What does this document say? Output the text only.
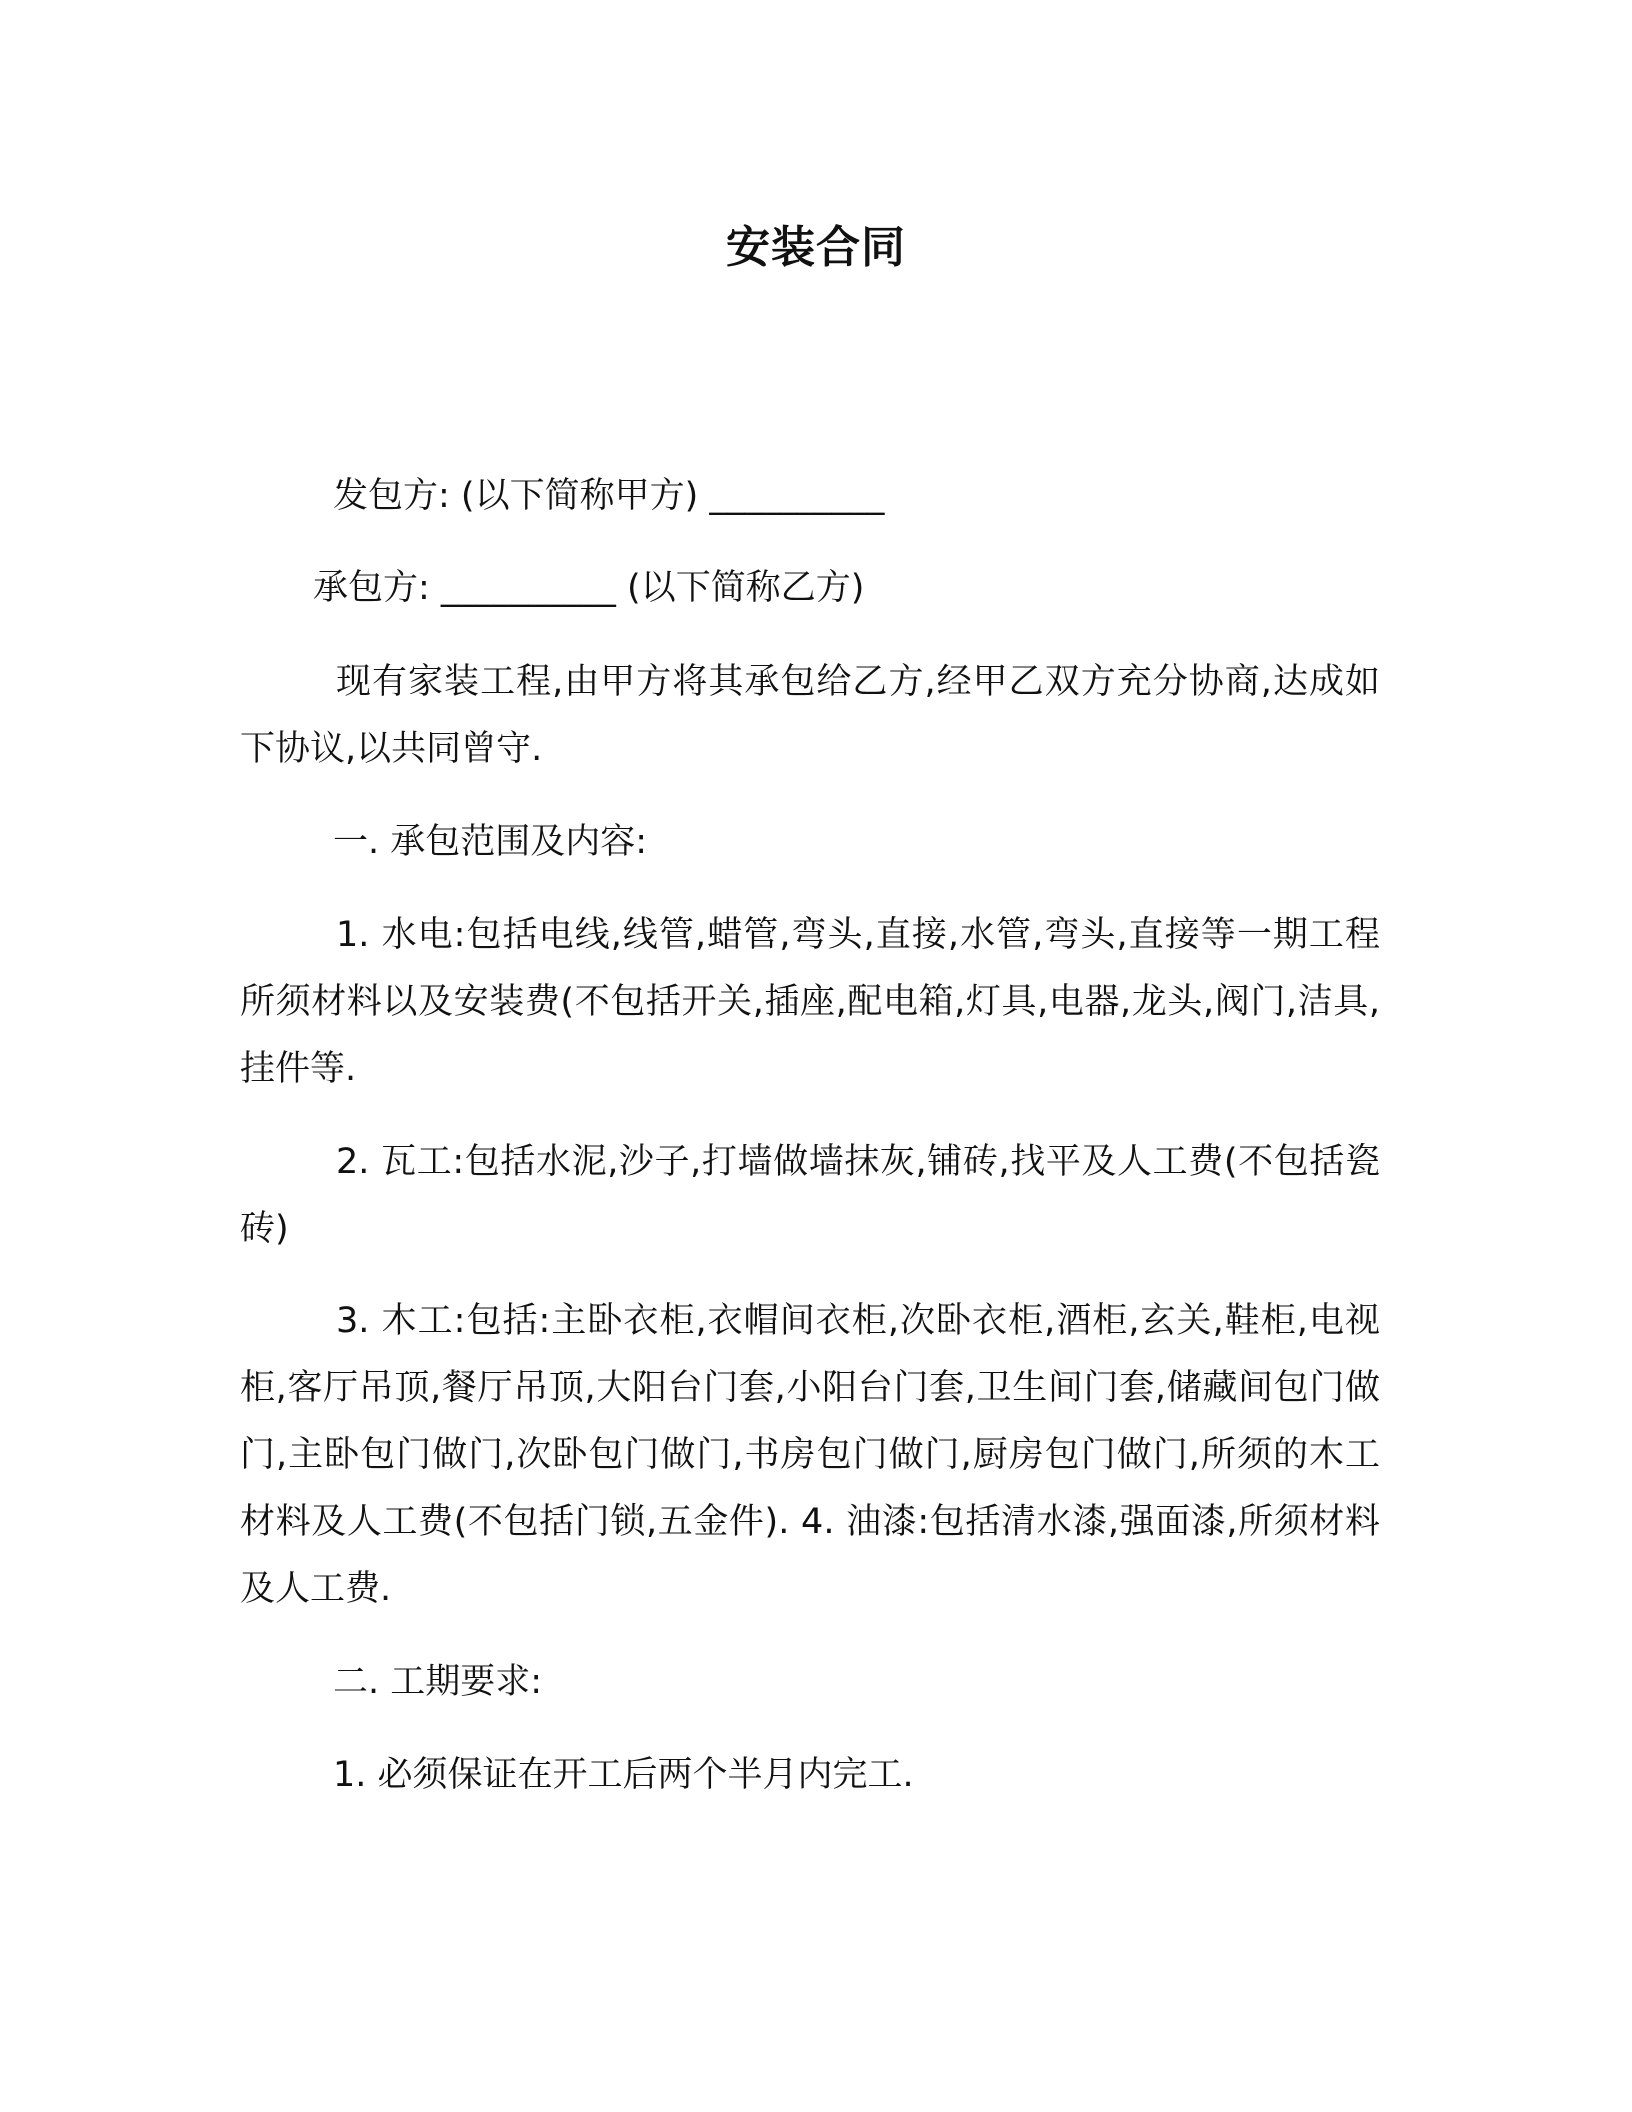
安装合同
发包方: (以下简称甲方) __________
承包方: __________ (以下简称乙方)
现有家装工程,由甲方将其承包给乙方,经甲乙双方充分协商,达成如下协议,以共同曾守.
一. 承包范围及内容:
1. 水电:包括电线,线管,蜡管,弯头,直接,水管,弯头,直接等一期工程所须材料以及安装费(不包括开关,插座,配电箱,灯具,电器,龙头,阀门,洁具,挂件等.
2. 瓦工:包括水泥,沙子,打墙做墙抹灰,铺砖,找平及人工费(不包括瓷砖)
3. 木工:包括:主卧衣柜,衣帽间衣柜,次卧衣柜,酒柜,玄关,鞋柜,电视柜,客厅吊顶,餐厅吊顶,大阳台门套,小阳台门套,卫生间门套,储藏间包门做门,主卧包门做门,次卧包门做门,书房包门做门,厨房包门做门,所须的木工材料及人工费(不包括门锁,五金件). 4. 油漆:包括清水漆,强面漆,所须材料及人工费.
二. 工期要求:
1. 必须保证在开工后两个半月内完工.
